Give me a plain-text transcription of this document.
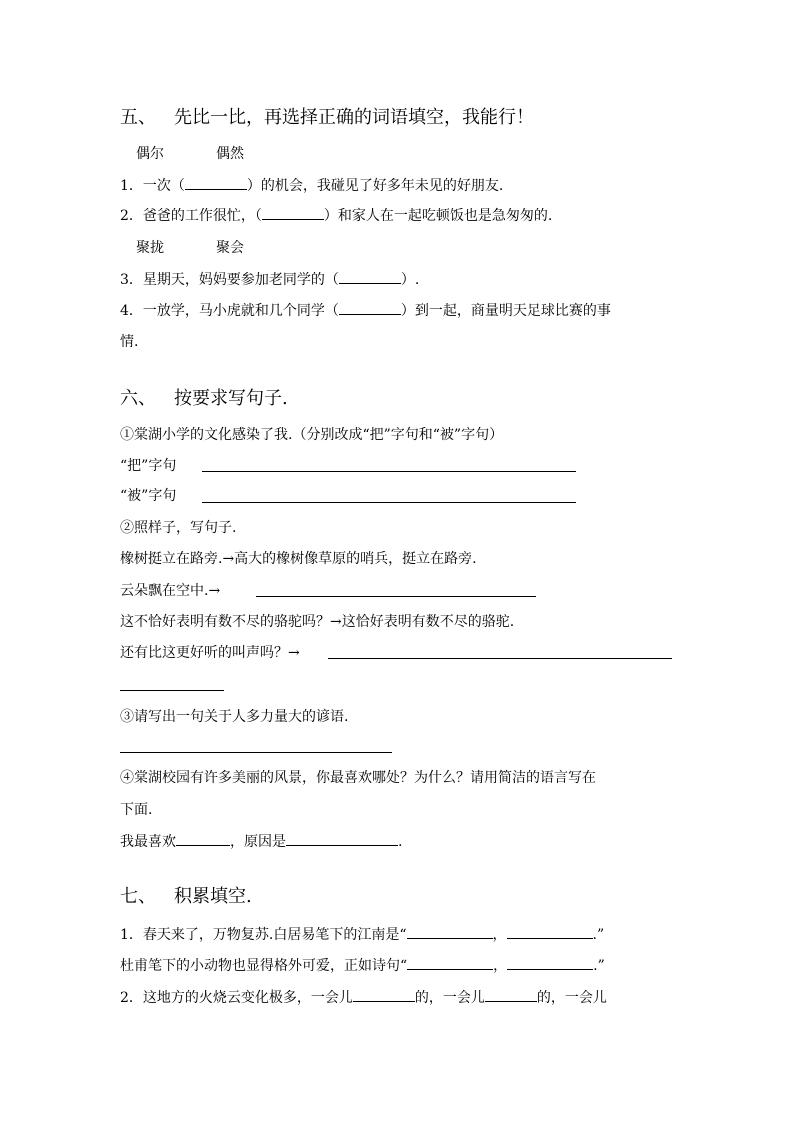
五、 先比一比，再选择正确的词语填空，我能行！
偶尔	偶然
1．一次（	）的机会，我碰见了好多年未见的好朋友.
2．爸爸的工作很忙，（	）和家人在一起吃顿饭也是急匆匆的.
聚拢	聚会
3．星期天，妈妈要参加老同学的（	）.
4．一放学，马小虎就和几个同学（	）到一起，商量明天足球比赛的事
情.
六、 按要求写句子.
①棠湖小学的文化感染了我.（分别改成“把”字句和“被”字句）
“把”字句
“被”字句
②照样子，写句子.
橡树挺立在路旁.→高大的橡树像草原的哨兵，挺立在路旁.
云朵飘在空中.→
这不恰好表明有数不尽的骆驼吗？→这恰好表明有数不尽的骆驼.
还有比这更好听的叫声吗？→
③请写出一句关于人多力量大的谚语.
④棠湖校园有许多美丽的风景，你最喜欢哪处？为什么？请用简洁的语言写在
下面.
我最喜欢	，原因是	.
七、 积累填空.
1．春天来了，万物复苏.白居易笔下的江南是“	，	.”
杜甫笔下的小动物也显得格外可爱，正如诗句“	，	.”
2．这地方的火烧云变化极多，一会儿	的，一会儿	的，一会儿
